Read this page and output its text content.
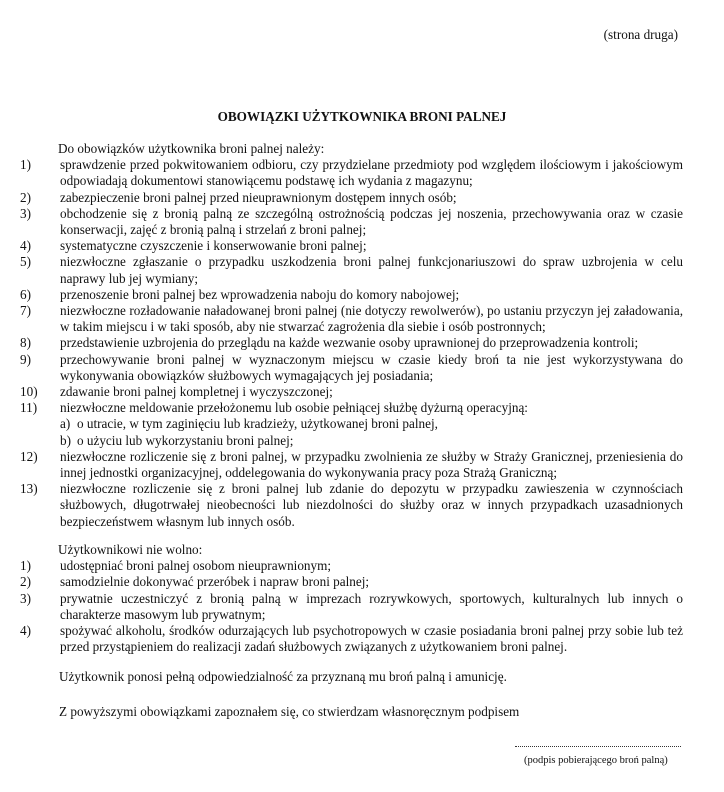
(strona druga)
OBOWIĄZKI UŻYTKOWNIKA BRONI PALNEJ

Do obowiązków użytkownika broni palnej należy:

1)	sprawdzenie przed pokwitowaniem odbioru, czy przydzielane przedmioty pod względem ilościowym i jakościowym odpowiadają dokumentowi stanowiącemu podstawę ich wydania z magazynu;
2)	zabezpieczenie broni palnej przed nieuprawnionym dostępem innych osób;
3)	obchodzenie się z bronią palną ze szczególną ostrożnością podczas jej noszenia, przechowywania oraz w czasie konserwacji, zajęć z bronią palną i strzelań z broni palnej;
4)	systematyczne czyszczenie i konserwowanie broni palnej;
5)	niezwłoczne zgłaszanie o przypadku uszkodzenia broni palnej funkcjonariuszowi do spraw uzbrojenia w celu naprawy lub jej wymiany;
6)	przenoszenie broni palnej bez wprowadzenia naboju do komory nabojowej;
7)	niezwłoczne rozładowanie naładowanej broni palnej (nie dotyczy rewolwerów), po ustaniu przyczyn jej załadowania, w takim miejscu i w taki sposób, aby nie stwarzać zagrożenia dla siebie i osób postronnych;
8)	przedstawienie uzbrojenia do przeglądu na każde wezwanie osoby uprawnionej do przeprowadzenia kontroli;
9)	przechowywanie broni palnej w wyznaczonym miejscu w czasie kiedy broń ta nie jest wykorzystywana do wykonywania obowiązków służbowych wymagających jej posiadania;
10)	zdawanie broni palnej kompletnej i wyczyszczonej;
11)	niezwłoczne meldowanie przełożonemu lub osobie pełniącej służbę dyżurną operacyjną:
a) o utracie, w tym zaginięciu lub kradzieży, użytkowanej broni palnej,
b) o użyciu lub wykorzystaniu broni palnej;
12)	niezwłoczne rozliczenie się z broni palnej, w przypadku zwolnienia ze służby w Straży Granicznej, przeniesienia do innej jednostki organizacyjnej, oddelegowania do wykonywania pracy poza Strażą Graniczną;
13)	niezwłoczne rozliczenie się z broni palnej lub zdanie do depozytu w przypadku zawieszenia w czynnościach służbowych, długotrwałej nieobecności lub niezdolności do służby oraz w innych przypadkach uzasadnionych bezpieczeństwem własnym lub innych osób.

Użytkownikowi nie wolno:

1)	udostępniać broni palnej osobom nieuprawnionym;
2)	samodzielnie dokonywać przeróbek i napraw broni palnej;
3)	prywatnie uczestniczyć z bronią palną w imprezach rozrywkowych, sportowych, kulturalnych lub innych o charakterze masowym lub prywatnym;
4)	spożywać alkoholu, środków odurzających lub psychotropowych w czasie posiadania broni palnej przy sobie lub też przed przystąpieniem do realizacji zadań służbowych związanych z użytkowaniem broni palnej.

Użytkownik ponosi pełną odpowiedzialność za przyznaną mu broń palną i amunicję.

Z powyższymi obowiązkami zapoznałem się, co stwierdzam własnoręcznym podpisem

(podpis pobierającego broń palną)
